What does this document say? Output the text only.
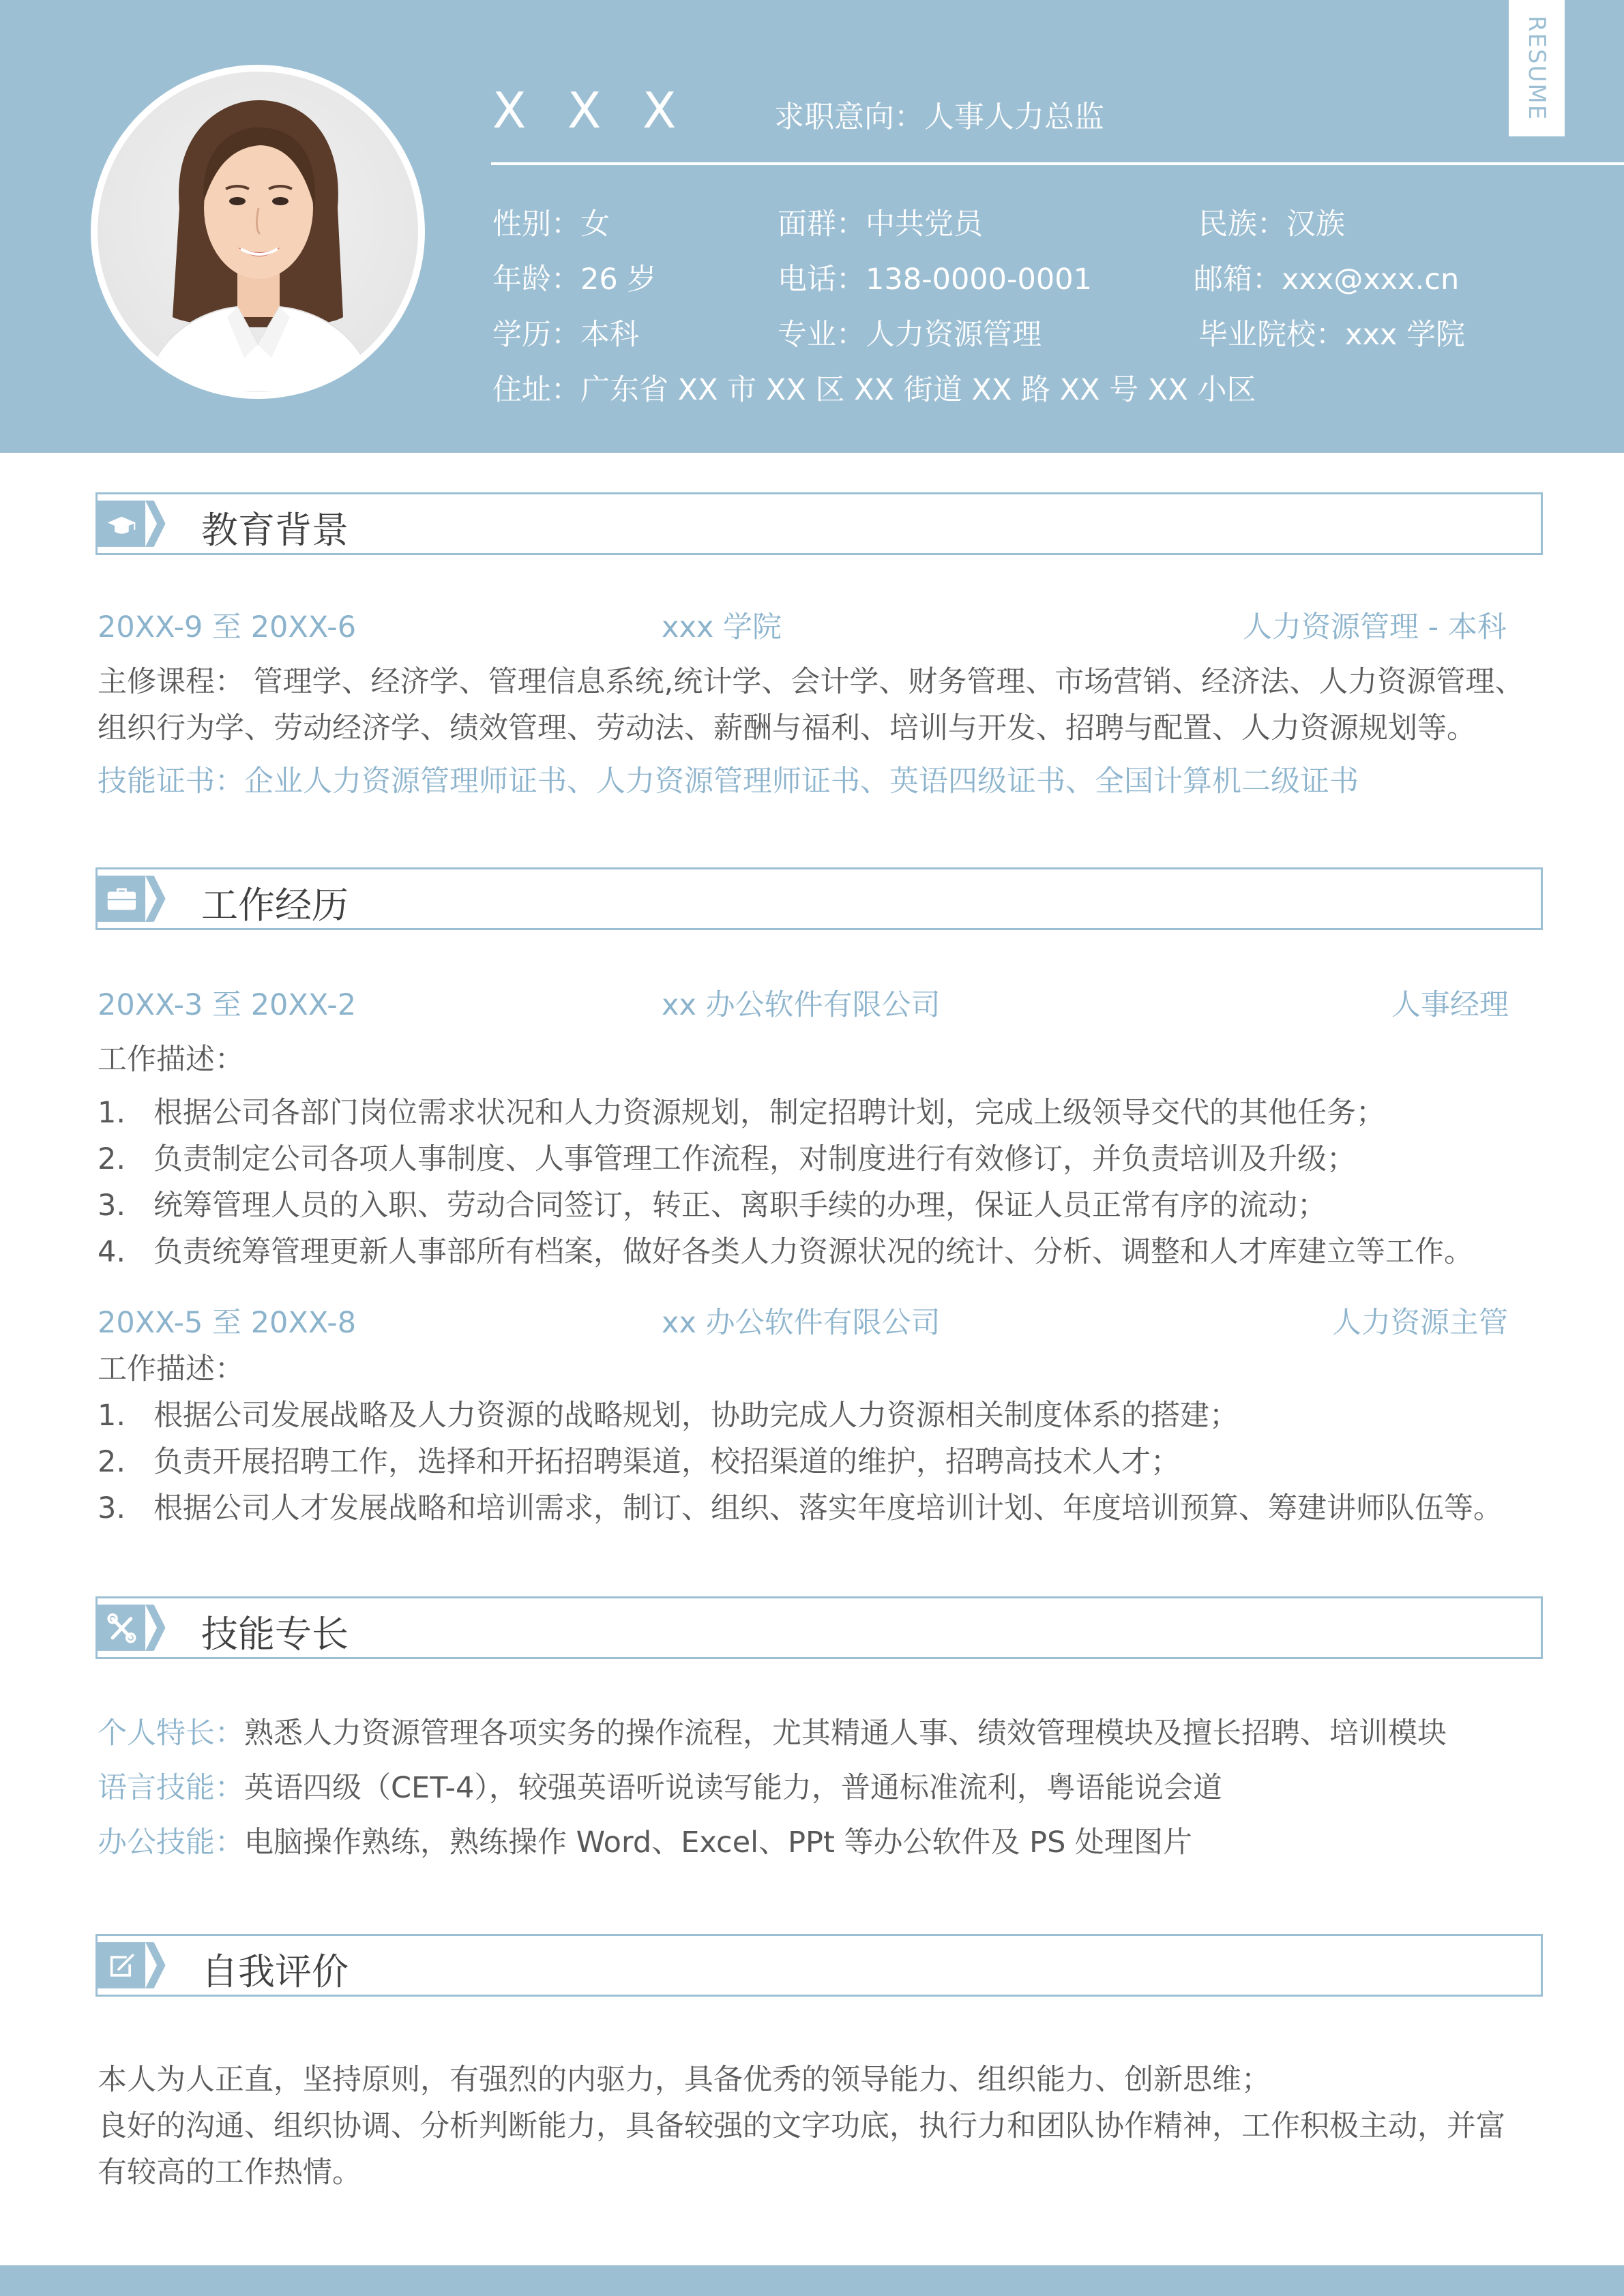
X X X	求职意向：人事人力总监	RESUME
性别：女	面群：中共党员	民族：汉族
年龄：26 岁	电话：138-0000-0001	邮箱：xxx@xxx.cn
学历：本科	专业：人力资源管理	毕业院校：xxx 学院
住址：广东省 XX 市 XX 区 XX 街道 XX 路 XX 号 XX 小区
教育背景
20XX-9 至 20XX-6	xxx 学院	人力资源管理 - 本科
主修课程： 管理学、经济学、管理信息系统,统计学、会计学、财务管理、市场营销、经济法、人力资源管理、
组织行为学、劳动经济学、绩效管理、劳动法、薪酬与福利、培训与开发、招聘与配置、人力资源规划等。
技能证书：企业人力资源管理师证书、人力资源管理师证书、英语四级证书、全国计算机二级证书
工作经历
20XX-3 至 20XX-2	xx 办公软件有限公司	人事经理
工作描述：
1. 根据公司各部门岗位需求状况和人力资源规划，制定招聘计划，完成上级领导交代的其他任务；
2. 负责制定公司各项人事制度、人事管理工作流程，对制度进行有效修订，并负责培训及升级；
3. 统筹管理人员的入职、劳动合同签订，转正、离职手续的办理，保证人员正常有序的流动；
4. 负责统筹管理更新人事部所有档案，做好各类人力资源状况的统计、分析、调整和人才库建立等工作。
20XX-5 至 20XX-8	xx 办公软件有限公司	人力资源主管
工作描述：
1. 根据公司发展战略及人力资源的战略规划，协助完成人力资源相关制度体系的搭建；
2. 负责开展招聘工作，选择和开拓招聘渠道，校招渠道的维护，招聘高技术人才；
3. 根据公司人才发展战略和培训需求，制订、组织、落实年度培训计划、年度培训预算、筹建讲师队伍等。
技能专长
个人特长：熟悉人力资源管理各项实务的操作流程，尤其精通人事、绩效管理模块及擅长招聘、培训模块
语言技能：英语四级（CET-4），较强英语听说读写能力，普通标准流利，粤语能说会道
办公技能：电脑操作熟练，熟练操作 Word、Excel、PPt 等办公软件及 PS 处理图片
自我评价
本人为人正直，坚持原则，有强烈的内驱力，具备优秀的领导能力、组织能力、创新思维；
良好的沟通、组织协调、分析判断能力，具备较强的文字功底，执行力和团队协作精神，工作积极主动，并富
有较高的工作热情。
